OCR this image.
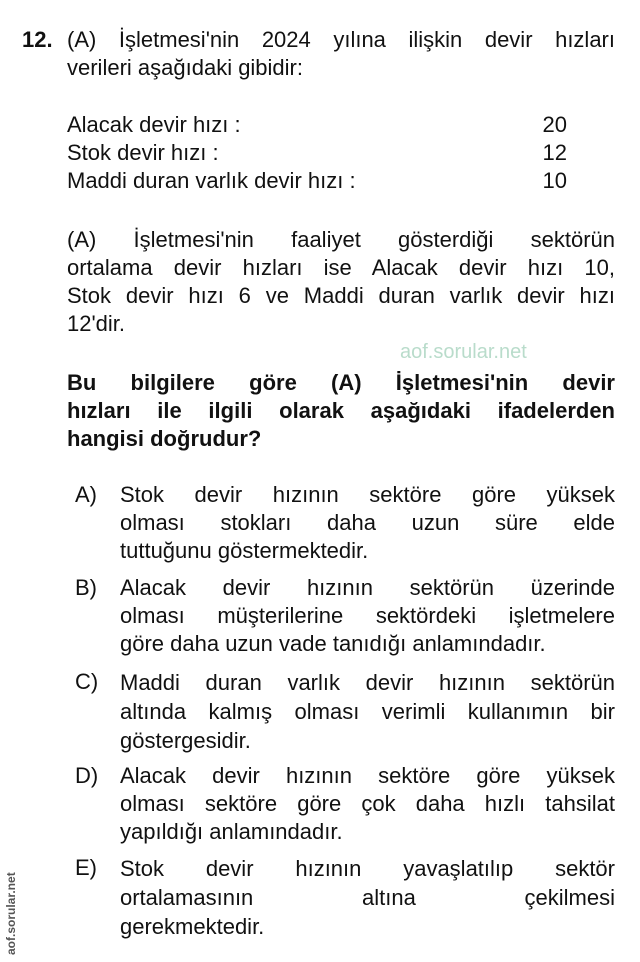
aof.sorular.net
aof.sorular.net
12. (A) İşletmesi'nin 2024 yılına ilişkin devir hızları
verileri aşağıdaki gibidir:
Alacak devir hızı :	20
Stok devir hızı :	12
Maddi duran varlık devir hızı :	10
(A) İşletmesi'nin faaliyet gösterdiği sektörün
ortalama devir hızları ise Alacak devir hızı 10,
Stok devir hızı 6 ve Maddi duran varlık devir hızı
12'dir.
Bu bilgilere göre (A) İşletmesi'nin devir
hızları ile ilgili olarak aşağıdaki ifadelerden
hangisi doğrudur?
A) Stok devir hızının sektöre göre yüksek
olması stokları daha uzun süre elde
tuttuğunu göstermektedir.
B) Alacak devir hızının sektörün üzerinde
olması müşterilerine sektördeki işletmelere
göre daha uzun vade tanıdığı anlamındadır.
C) Maddi duran varlık devir hızının sektörün
altında kalmış olması verimli kullanımın bir
göstergesidir.
D) Alacak devir hızının sektöre göre yüksek
olması sektöre göre çok daha hızlı tahsilat
yapıldığı anlamındadır.
E) Stok devir hızının yavaşlatılıp sektör
ortalamasının altına çekilmesi
gerekmektedir.
